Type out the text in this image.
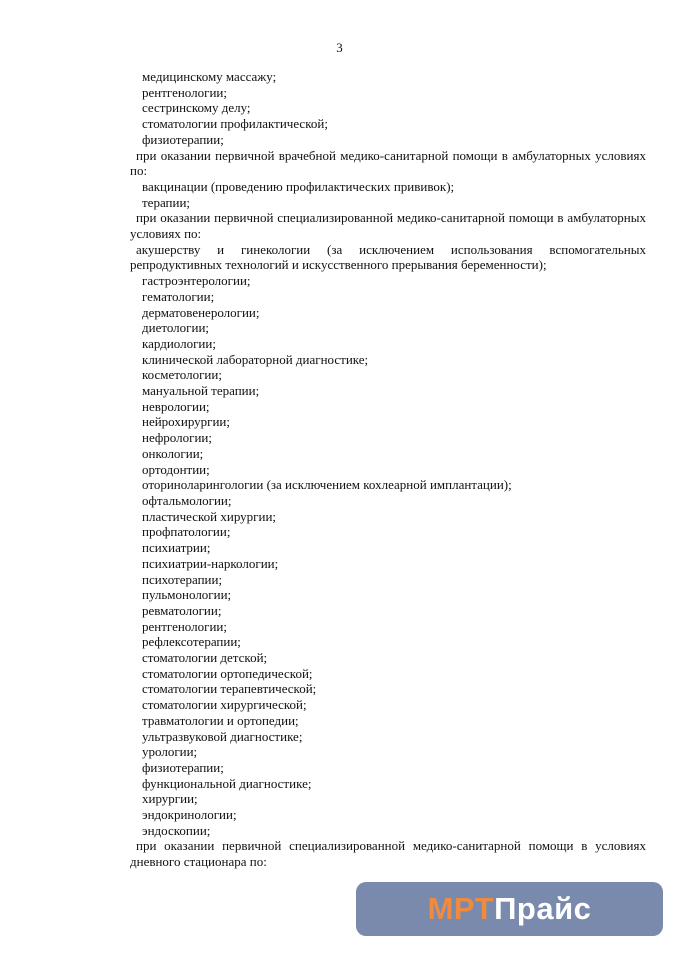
3
медицинскому массажу;
рентгенологии;
сестринскому делу;
стоматологии профилактической;
физиотерапии;
при оказании первичной врачебной медико-санитарной помощи в амбулаторных условиях по:
вакцинации (проведению профилактических прививок);
терапии;
при оказании первичной специализированной медико-санитарной помощи в амбулаторных условиях по:
акушерству и гинекологии (за исключением использования вспомогательных репродуктивных технологий и искусственного прерывания беременности);
гастроэнтерологии;
гематологии;
дерматовенерологии;
диетологии;
кардиологии;
клинической лабораторной диагностике;
косметологии;
мануальной терапии;
неврологии;
нейрохирургии;
нефрологии;
онкологии;
ортодонтии;
оториноларингологии (за исключением кохлеарной имплантации);
офтальмологии;
пластической хирургии;
профпатологии;
психиатрии;
психиатрии-наркологии;
психотерапии;
пульмонологии;
ревматологии;
рентгенологии;
рефлексотерапии;
стоматологии детской;
стоматологии ортопедической;
стоматологии терапевтической;
стоматологии хирургической;
травматологии и ортопедии;
ультразвуковой диагностике;
урологии;
физиотерапии;
функциональной диагностике;
хирургии;
эндокринологии;
эндоскопии;
при оказании первичной специализированной медико-санитарной помощи в условиях дневного стационара по:
МРТ Прайс
